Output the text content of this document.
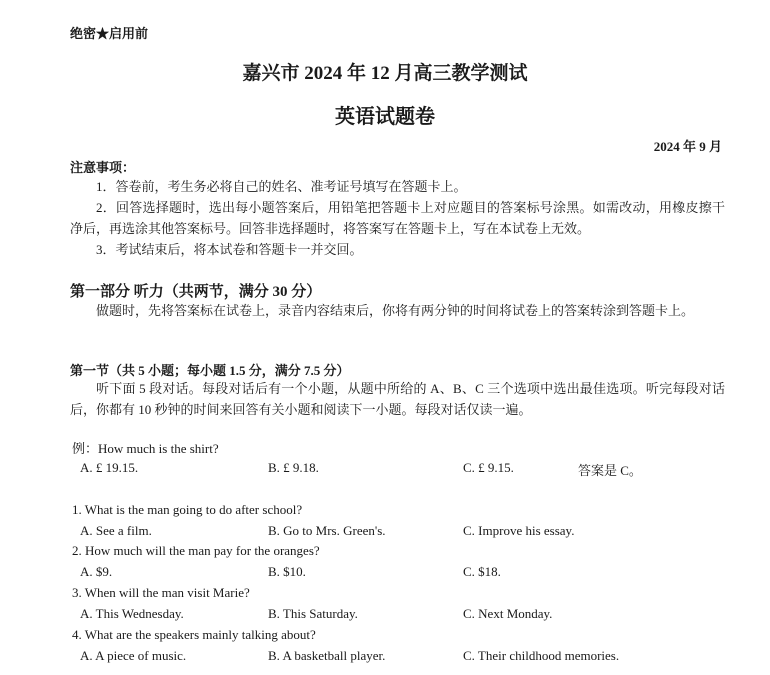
绝密★启用前
嘉兴市 2024 年 12 月高三教学测试
英语试题卷
2024 年 9 月
注意事项：
1．答卷前，考生务必将自己的姓名、准考证号填写在答题卡上。
2．回答选择题时，选出每小题答案后，用铅笔把答题卡上对应题目的答案标号涂黑。如需改动，用橡皮擦干净后，再选涂其他答案标号。回答非选择题时，将答案写在答题卡上，写在本试卷上无效。
3．考试结束后，将本试卷和答题卡一并交回。
第一部分 听力（共两节，满分 30 分）
做题时，先将答案标在试卷上，录音内容结束后，你将有两分钟的时间将试卷上的答案转涂到答题卡上。
第一节（共 5 小题；每小题 1.5 分，满分 7.5 分）
听下面 5 段对话。每段对话后有一个小题，从题中所给的 A、B、C 三个选项中选出最佳选项。听完每段对话后，你都有 10 秒钟的时间来回答有关小题和阅读下一小题。每段对话仅读一遍。
例：How much is the shirt?
A. £ 19.15.	B. £ 9.18.	C. £ 9.15.	答案是 C。
1. What is the man going to do after school?
A. See a film.	B. Go to Mrs. Green's.	C. Improve his essay.
2. How much will the man pay for the oranges?
A. $9.	B. $10.	C. $18.
3. When will the man visit Marie?
A. This Wednesday.	B. This Saturday.	C. Next Monday.
4. What are the speakers mainly talking about?
A. A piece of music.	B. A basketball player.	C. Their childhood memories.
